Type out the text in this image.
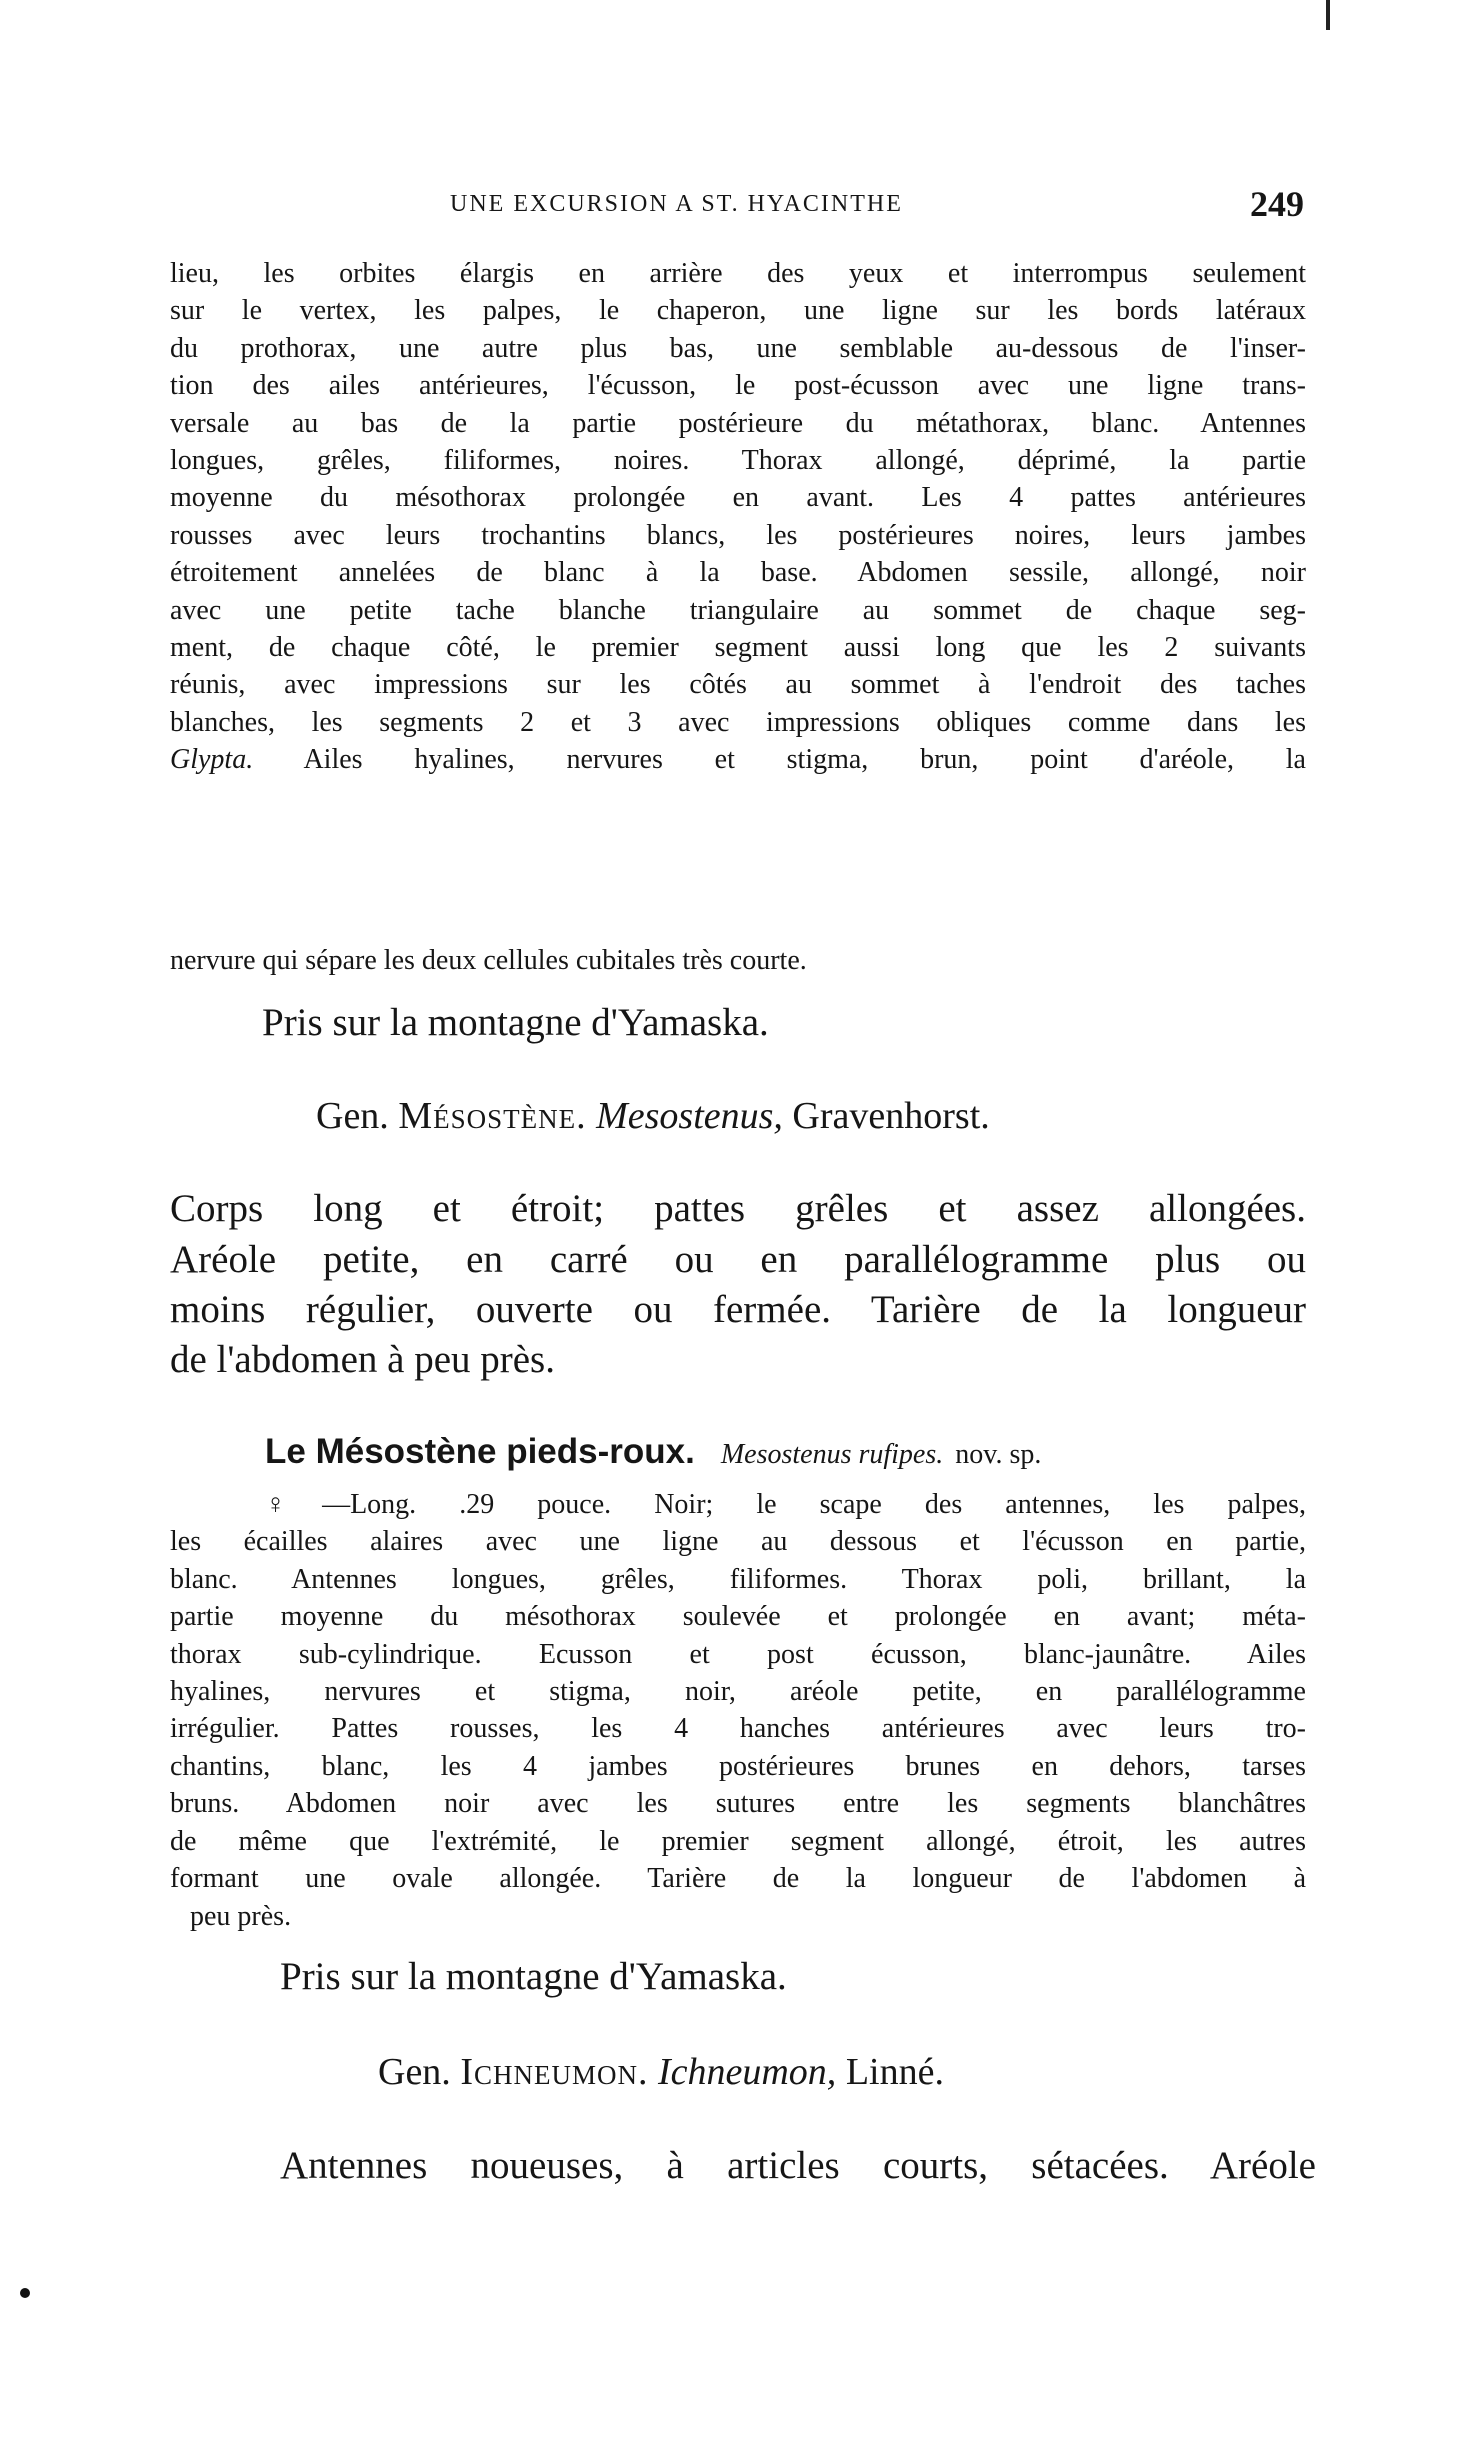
UNE EXCURSION A ST. HYACINTHE	249

lieu, les orbites élargis en arrière des yeux et interrompus seulement

sur le vertex, les palpes, le chaperon, une ligne sur les bords latéraux

du prothorax, une autre plus bas, une semblable au-dessous de l'inser-

tion des ailes antérieures, l'écusson, le post-écusson avec une ligne trans-

versale au bas de la partie postérieure du métathorax, blanc. Antennes

longues, grêles, filiformes, noires. Thorax allongé, déprimé, la partie

moyenne du mésothorax prolongée en avant. Les 4 pattes antérieures

rousses avec leurs trochantins blancs, les postérieures noires, leurs jambes

étroitement annelées de blanc à la base. Abdomen sessile, allongé, noir

avec une petite tache blanche triangulaire au sommet de chaque seg-

ment, de chaque côté, le premier segment aussi long que les 2 suivants

réunis, avec impressions sur les côtés au sommet à l'endroit des taches

blanches, les segments 2 et 3 avec impressions obliques comme dans les

Glypta. Ailes hyalines, nervures et stigma, brun, point d'aréole, la

nervure qui sépare les deux cellules cubitales très courte.

Pris sur la montagne d'Yamaska.
Gen. Mésostène. Mesostenus, Gravenhorst.

Corps long et étroit; pattes grêles et assez allongées.

Aréole petite, en carré ou en parallélogramme plus ou

moins régulier, ouverte ou fermée. Tarière de la longueur

de l'abdomen à peu près.

Le Mésostène pieds-roux. Mesostenus rufipes. nov. sp.

♀—Long. .29 pouce. Noir; le scape des antennes, les palpes,

les écailles alaires avec une ligne au dessous et l'écusson en partie,

blanc. Antennes longues, grêles, filiformes. Thorax poli, brillant, la

partie moyenne du mésothorax soulevée et prolongée en avant; méta-

thorax sub-cylindrique. Ecusson et post écusson, blanc-jaunâtre. Ailes

hyalines, nervures et stigma, noir, aréole petite, en parallélogramme

irrégulier. Pattes rousses, les 4 hanches antérieures avec leurs tro-

chantins, blanc, les 4 jambes postérieures brunes en dehors, tarses

bruns. Abdomen noir avec les sutures entre les segments blanchâtres

de même que l'extrémité, le premier segment allongé, étroit, les autres

formant une ovale allongée. Tarière de la longueur de l'abdomen à

peu près.

Pris sur la montagne d'Yamaska.
Gen. Ichneumon. Ichneumon, Linné.

Antennes noueuses, à articles courts, sétacées. Aréole
